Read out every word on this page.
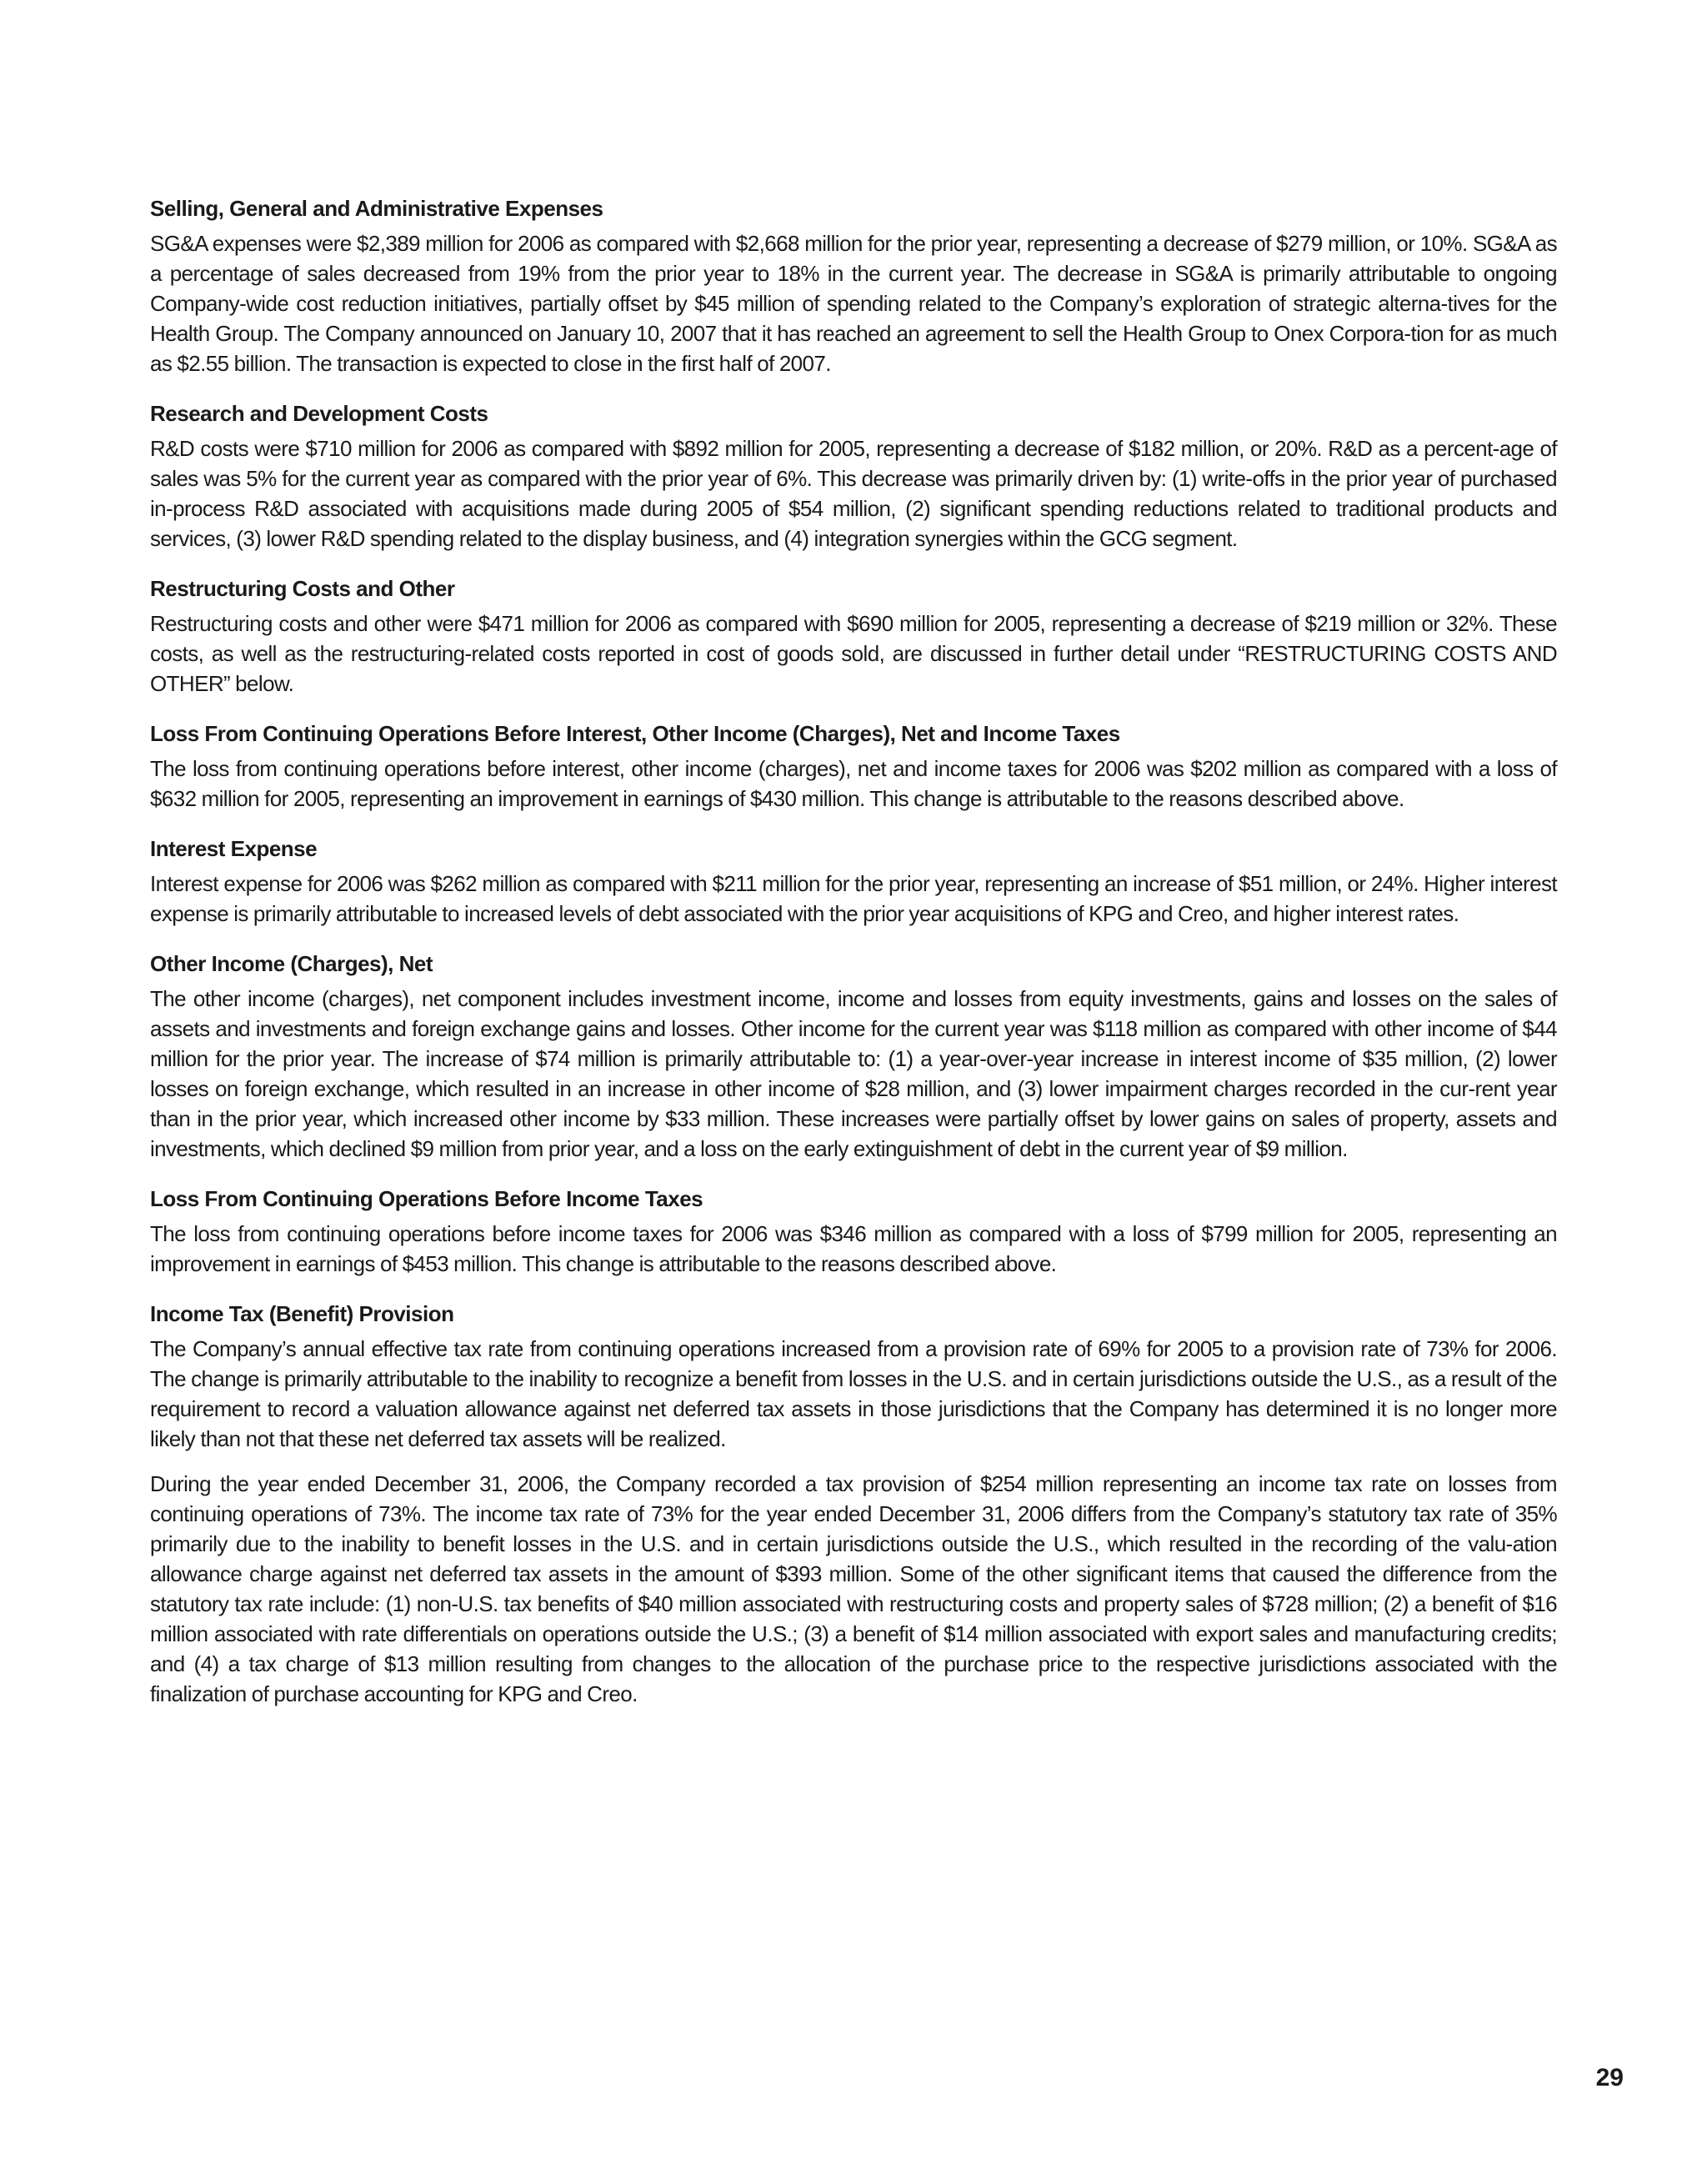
Selling, General and Administrative Expenses

SG&A expenses were $2,389 million for 2006 as compared with $2,668 million for the prior year, representing a decrease of $279 million, or 10%. SG&A as a percentage of sales decreased from 19% from the prior year to 18% in the current year. The decrease in SG&A is primarily attributable to ongoing Company-wide cost reduction initiatives, partially offset by $45 million of spending related to the Company’s exploration of strategic alterna-tives for the Health Group. The Company announced on January 10, 2007 that it has reached an agreement to sell the Health Group to Onex Corpora-tion for as much as $2.55 billion. The transaction is expected to close in the first half of 2007.

Research and Development Costs

R&D costs were $710 million for 2006 as compared with $892 million for 2005, representing a decrease of $182 million, or 20%. R&D as a percent-age of sales was 5% for the current year as compared with the prior year of 6%. This decrease was primarily driven by: (1) write-offs in the prior year of purchased in-process R&D associated with acquisitions made during 2005 of $54 million, (2) significant spending reductions related to traditional products and services, (3) lower R&D spending related to the display business, and (4) integration synergies within the GCG segment.

Restructuring Costs and Other

Restructuring costs and other were $471 million for 2006 as compared with $690 million for 2005, representing a decrease of $219 million or 32%. These costs, as well as the restructuring-related costs reported in cost of goods sold, are discussed in further detail under “RESTRUCTURING COSTS AND OTHER” below.

Loss From Continuing Operations Before Interest, Other Income (Charges), Net and Income Taxes

The loss from continuing operations before interest, other income (charges), net and income taxes for 2006 was $202 million as compared with a loss of $632 million for 2005, representing an improvement in earnings of $430 million. This change is attributable to the reasons described above.

Interest Expense

Interest expense for 2006 was $262 million as compared with $211 million for the prior year, representing an increase of $51 million, or 24%. Higher interest expense is primarily attributable to increased levels of debt associated with the prior year acquisitions of KPG and Creo, and higher interest rates.

Other Income (Charges), Net

The other income (charges), net component includes investment income, income and losses from equity investments, gains and losses on the sales of assets and investments and foreign exchange gains and losses. Other income for the current year was $118 million as compared with other income of $44 million for the prior year. The increase of $74 million is primarily attributable to: (1) a year-over-year increase in interest income of $35 million, (2) lower losses on foreign exchange, which resulted in an increase in other income of $28 million, and (3) lower impairment charges recorded in the cur-rent year than in the prior year, which increased other income by $33 million. These increases were partially offset by lower gains on sales of property, assets and investments, which declined $9 million from prior year, and a loss on the early extinguishment of debt in the current year of $9 million.

Loss From Continuing Operations Before Income Taxes

The loss from continuing operations before income taxes for 2006 was $346 million as compared with a loss of $799 million for 2005, representing an improvement in earnings of $453 million. This change is attributable to the reasons described above.

Income Tax (Benefit) Provision

The Company’s annual effective tax rate from continuing operations increased from a provision rate of 69% for 2005 to a provision rate of 73% for 2006. The change is primarily attributable to the inability to recognize a benefit from losses in the U.S. and in certain jurisdictions outside the U.S., as a result of the requirement to record a valuation allowance against net deferred tax assets in those jurisdictions that the Company has determined it is no longer more likely than not that these net deferred tax assets will be realized.

During the year ended December 31, 2006, the Company recorded a tax provision of $254 million representing an income tax rate on losses from continuing operations of 73%. The income tax rate of 73% for the year ended December 31, 2006 differs from the Company’s statutory tax rate of 35% primarily due to the inability to benefit losses in the U.S. and in certain jurisdictions outside the U.S., which resulted in the recording of the valu-ation allowance charge against net deferred tax assets in the amount of $393 million. Some of the other significant items that caused the difference from the statutory tax rate include: (1) non-U.S. tax benefits of $40 million associated with restructuring costs and property sales of $728 million; (2) a benefit of $16 million associated with rate differentials on operations outside the U.S.; (3) a benefit of $14 million associated with export sales and manufacturing credits; and (4) a tax charge of $13 million resulting from changes to the allocation of the purchase price to the respective jurisdictions associated with the finalization of purchase accounting for KPG and Creo.

29
